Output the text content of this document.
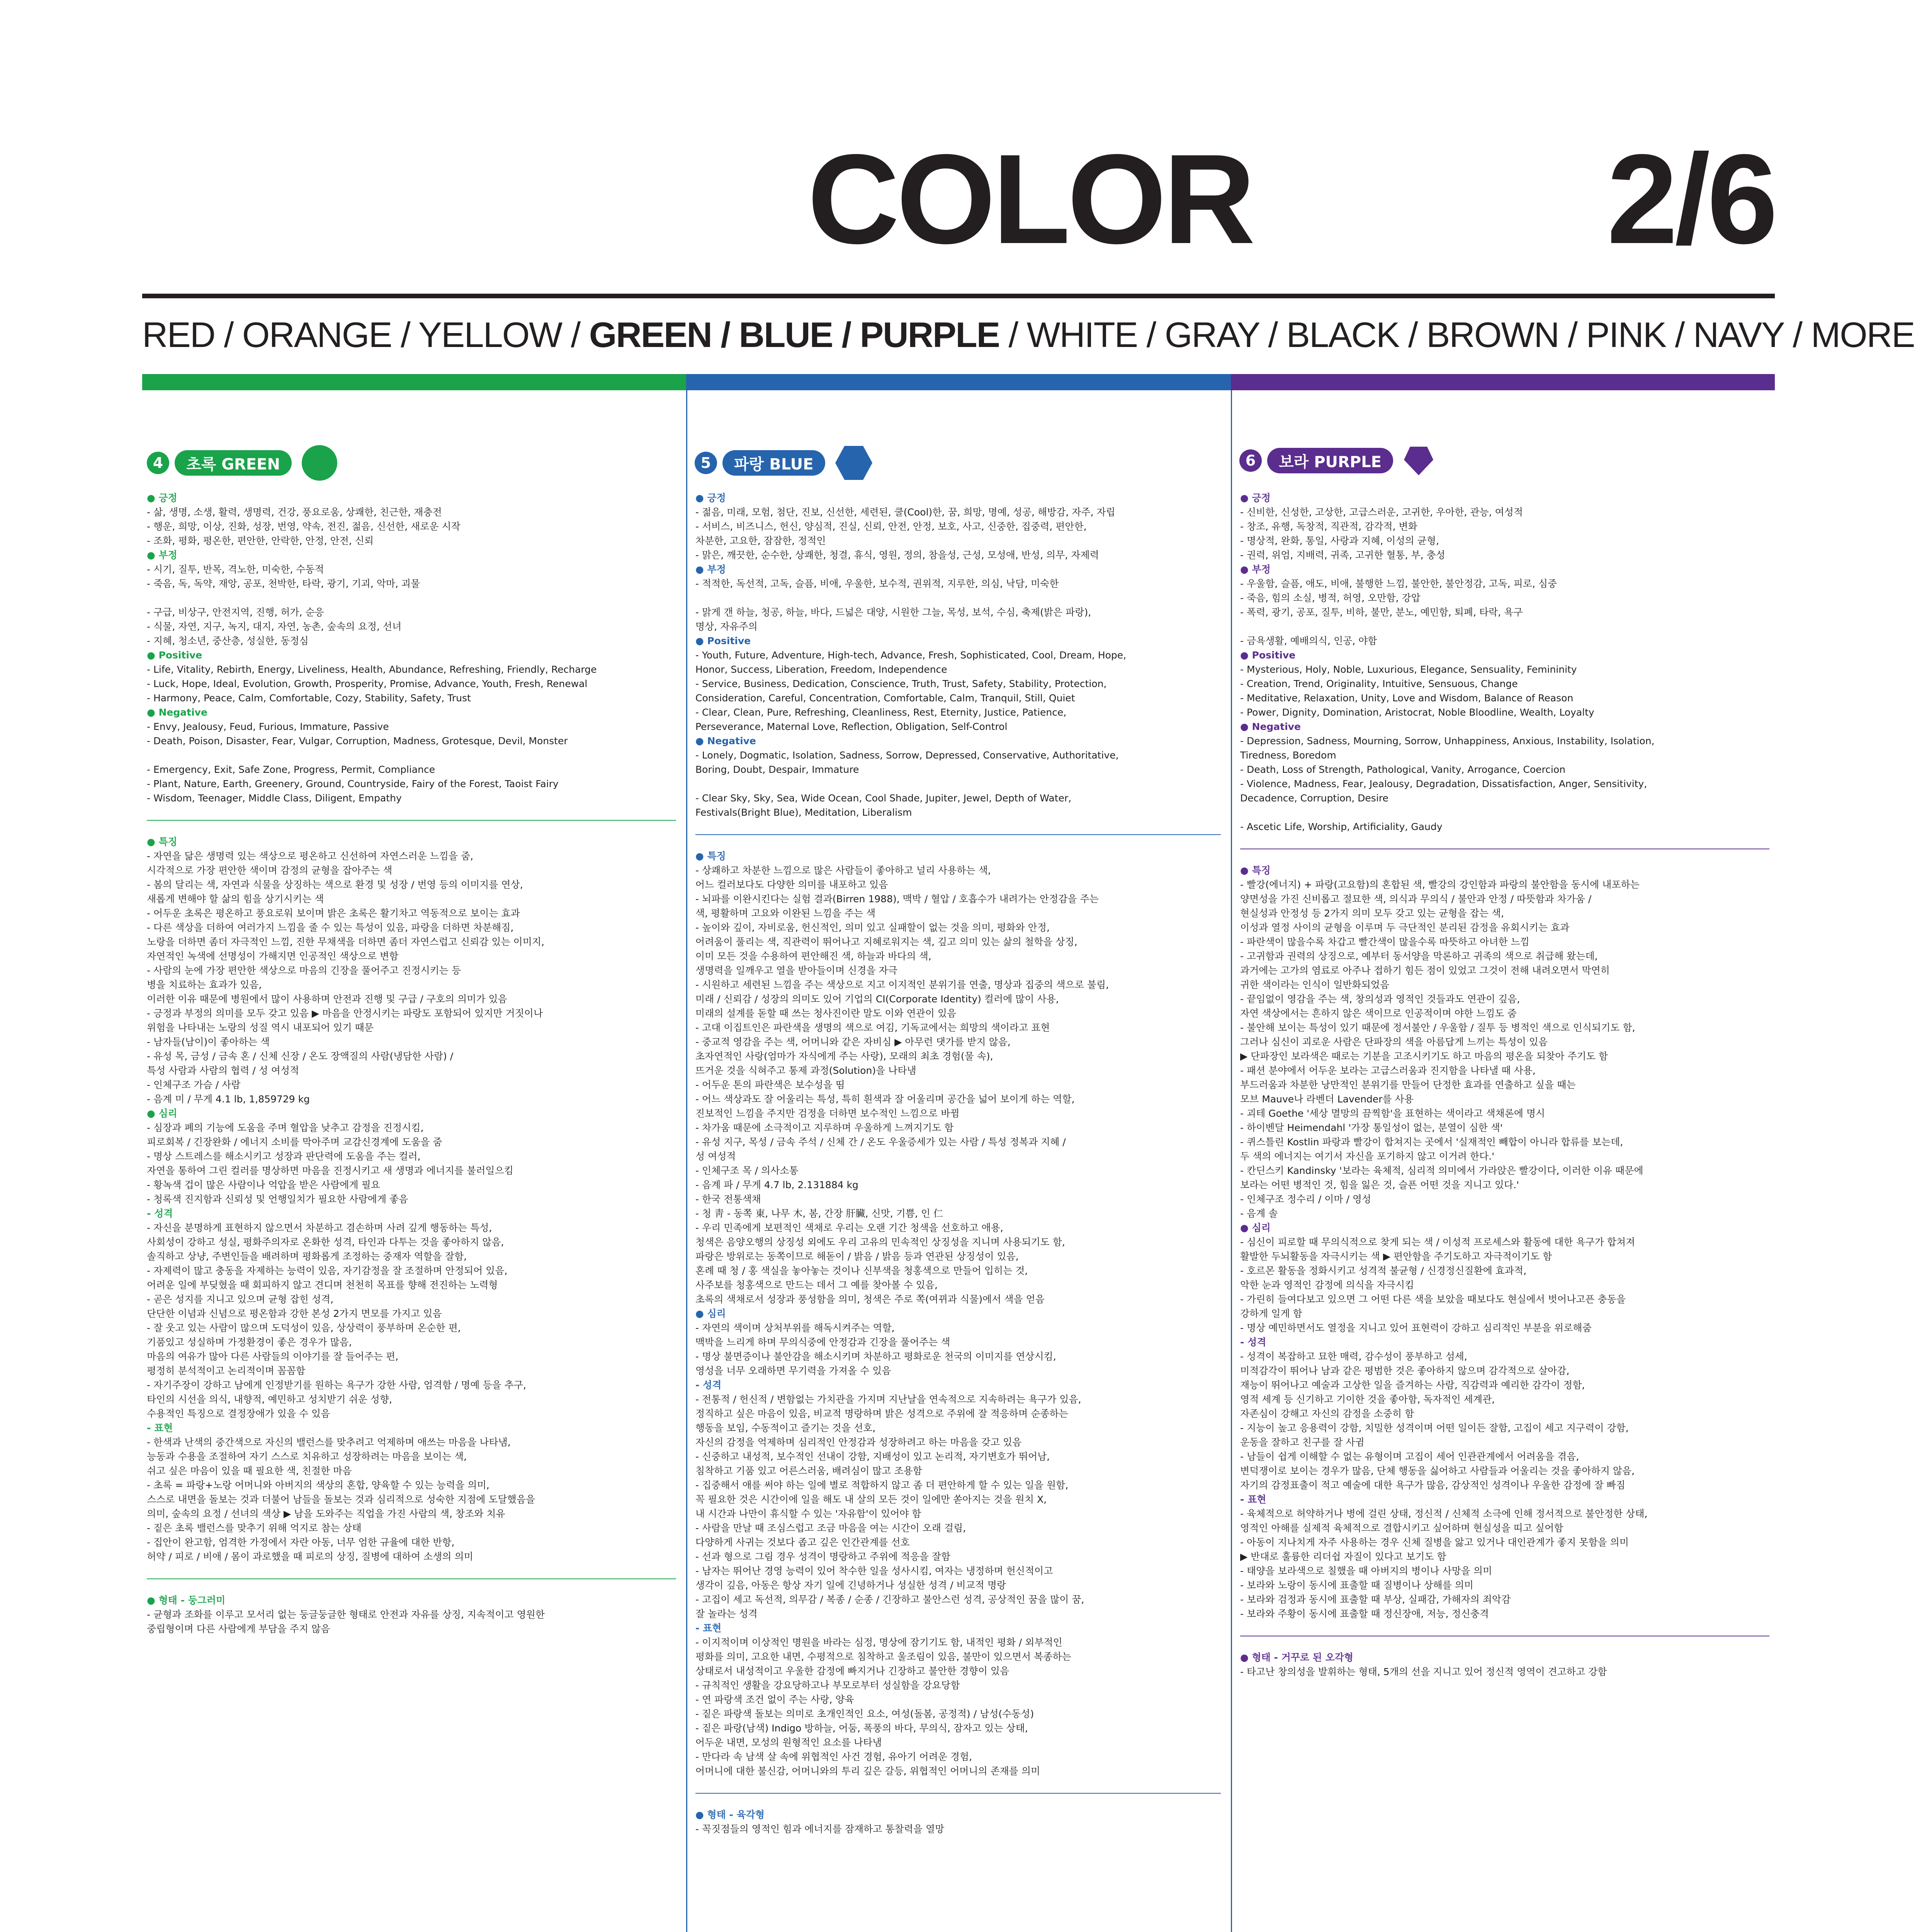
COLOR	2/6
RED / ORANGE / YELLOW / GREEN / BLUE / PURPLE / WHITE / GRAY / BLACK / BROWN / PINK / NAVY / MORE
4	초록 GREEN	5	파랑 BLUE	6	보라 PURPLE
● 긍정
- 삶, 생명, 소생, 활력, 생명력, 건강, 풍요로움, 상쾌한, 친근한, 재충전
- 행운, 희망, 이상, 진화, 성장, 번영, 약속, 전진, 젊음, 신선한, 새로운 시작
- 조화, 평화, 평온한, 편안한, 안락한, 안정, 안전, 신뢰
● 부정
- 시기, 질투, 반목, 격노한, 미숙한, 수동적
- 죽음, 독, 독약, 재앙, 공포, 천박한, 타락, 광기, 기괴, 악마, 괴물
- 구급, 비상구, 안전지역, 진행, 허가, 순응
- 식물, 자연, 지구, 녹지, 대지, 자연, 농촌, 숲속의 요정, 선녀
- 지혜, 청소년, 중산층, 성실한, 동정심
● Positive
- Life, Vitality, Rebirth, Energy, Liveliness, Health, Abundance, Refreshing, Friendly, Recharge
- Luck, Hope, Ideal, Evolution, Growth, Prosperity, Promise, Advance, Youth, Fresh, Renewal
- Harmony, Peace, Calm, Comfortable, Cozy, Stability, Safety, Trust
● Negative
- Envy, Jealousy, Feud, Furious, Immature, Passive
- Death, Poison, Disaster, Fear, Vulgar, Corruption, Madness, Grotesque, Devil, Monster
- Emergency, Exit, Safe Zone, Progress, Permit, Compliance
- Plant, Nature, Earth, Greenery, Ground, Countryside, Fairy of the Forest, Taoist Fairy
- Wisdom, Teenager, Middle Class, Diligent, Empathy
● 특징
- 자연을 닮은 생명력 있는 색상으로 평온하고 신선하여 자연스러운 느낌을 줌,
시각적으로 가장 편안한 색이며 감정의 균형을 잡아주는 색
- 봄의 달리는 색, 자연과 식물을 상징하는 색으로 환경 및 성장 / 번영 등의 이미지를 연상,
새롭게 변해야 할 삶의 힘을 상기시키는 색
- 어두운 초록은 평온하고 풍요로워 보이며 밝은 초록은 활기차고 역동적으로 보이는 효과
- 다른 색상을 더하여 여러가지 느낌을 줄 수 있는 특성이 있음, 파랑을 더하면 차분해짐,
노랑을 더하면 좀더 자극적인 느낌, 진한 무채색을 더하면 좀더 자연스럽고 신뢰감 있는 이미지,
자연적인 녹색에 선명성이 가해지면 인공적인 색상으로 변함
- 사람의 눈에 가장 편안한 색상으로 마음의 긴장을 풀어주고 진정시키는 등
병을 치료하는 효과가 있음,
이러한 이유 때문에 병원에서 많이 사용하며 안전과 진행 및 구급 / 구호의 의미가 있음
- 긍정과 부정의 의미를 모두 갖고 있음 ▶ 마음을 안정시키는 파랑도 포함되어 있지만 거짓이나
위험을 나타내는 노랑의 성질 역시 내포되어 있기 때문
- 남자들(남이)이 좋아하는 색
- 유성 목, 금성 / 금속 혼 / 신체 신장 / 온도 장액질의 사람(냉담한 사람) /
특성 사람과 사람의 협력 / 성 여성적
- 인체구조 가슴 / 사람
- 음계 미 / 무게 4.1 lb, 1,859729 kg
● 심리
- 심장과 폐의 기능에 도움을 주며 혈압을 낮추고 감정을 진정시킴,
피로회복 / 긴장완화 / 에너지 소비를 막아주며 교감신경계에 도움을 줌
- 명상 스트레스를 해소시키고 성장과 판단력에 도움을 주는 컬러,
자연을 통하여 그린 컬러를 명상하면 마음을 진정시키고 새 생명과 에너지를 불러일으킴
- 황녹색 겁이 많은 사람이나 억압을 받은 사람에게 필요
- 청록색 진지함과 신뢰성 및 언행일치가 필요한 사람에게 좋음
- 성격
- 자신을 분명하게 표현하지 않으면서 차분하고 겸손하며 사려 깊게 행동하는 특성,
사회성이 강하고 성실, 평화주의자로 온화한 성격, 타인과 다투는 것을 좋아하지 않음,
솔직하고 상냥, 주변인들을 배려하며 평화롭게 조정하는 중재자 역할을 잘함,
- 자제력이 많고 충동을 자제하는 능력이 있음, 자기감정을 잘 조절하며 안정되어 있음,
어려운 일에 부딪혔을 때 회피하지 않고 견디며 천천히 목표를 향해 전진하는 노력형
- 곧은 성지를 지니고 있으며 균형 잡힌 성격,
단단한 이념과 신념으로 평온함과 강한 본성 2가지 면모를 가지고 있음
- 잘 웃고 있는 사람이 많으며 도덕성이 있음, 상상력이 풍부하며 온순한 편,
기품있고 성실하며 가정환경이 좋은 경우가 많음,
마음의 여유가 많아 다른 사람들의 이야기를 잘 들어주는 편,
평정히 분석적이고 논리적이며 꼼꼼함
- 자기주장이 강하고 남에게 인정받기를 원하는 욕구가 강한 사람, 엄격함 / 명예 등을 추구,
타인의 시선을 의식, 내향적, 예민하고 성치받기 쉬운 성향,
수용적인 특징으로 결정장애가 있을 수 있음
- 표현
- 한색과 난색의 중간색으로 자신의 밸런스를 맞추려고 억제하며 애쓰는 마음을 나타냄,
능동과 수용을 조절하여 자기 스스로 치유하고 성장하려는 마음을 보이는 색,
쉬고 싶은 마음이 있을 때 필요한 색, 친절한 마음
- 초록 = 파랑+노랑 어머니와 아버지의 색상의 혼합, 양육할 수 있는 능력을 의미,
스스로 내면을 돌보는 것과 더불어 남들을 돌보는 것과 심리적으로 성숙한 지점에 도달했음을
의미, 숲속의 요정 / 선녀의 색상 ▶ 남을 도와주는 직업을 가진 사람의 색, 창조와 치유
- 짙은 초록 밸런스를 맞추기 위해 억지로 참는 상태
- 집안이 완고함, 엄격한 가정에서 자란 아동, 너무 엄한 규율에 대한 반항,
허약 / 피로 / 비애 / 몸이 과로했을 때 피로의 상징, 질병에 대하여 소생의 의미
● 형태 - 둥그러미
- 균형과 조화를 이루고 모서리 없는 둥글둥글한 형태로 안전과 자유를 상징, 지속적이고 영원한
중립형이며 다른 사람에게 부담을 주지 않음
● 긍정
- 젊음, 미래, 모험, 첨단, 진보, 신선한, 세련된, 쿨(Cool)한, 꿈, 희망, 명예, 성공, 해방감, 자주, 자립
- 서비스, 비즈니스, 헌신, 양심적, 진실, 신뢰, 안전, 안정, 보호, 사고, 신중한, 집중력, 편안한,
차분한, 고요한, 잠잠한, 정적인
- 맑은, 깨끗한, 순수한, 상쾌한, 청결, 휴식, 영원, 정의, 참을성, 근성, 모성애, 반성, 의무, 자제력
● 부정
- 적적한, 독선적, 고독, 슬픔, 비애, 우울한, 보수적, 권위적, 지루한, 의심, 낙담, 미숙한
- 맑게 갠 하늘, 청공, 하늘, 바다, 드넓은 대양, 시원한 그늘, 목성, 보석, 수심, 축제(밝은 파랑),
명상, 자유주의
● Positive
- Youth, Future, Adventure, High-tech, Advance, Fresh, Sophisticated, Cool, Dream, Hope,
Honor, Success, Liberation, Freedom, Independence
- Service, Business, Dedication, Conscience, Truth, Trust, Safety, Stability, Protection,
Consideration, Careful, Concentration, Comfortable, Calm, Tranquil, Still, Quiet
- Clear, Clean, Pure, Refreshing, Cleanliness, Rest, Eternity, Justice, Patience,
Perseverance, Maternal Love, Reflection, Obligation, Self-Control
● Negative
- Lonely, Dogmatic, Isolation, Sadness, Sorrow, Depressed, Conservative, Authoritative,
Boring, Doubt, Despair, Immature
- Clear Sky, Sky, Sea, Wide Ocean, Cool Shade, Jupiter, Jewel, Depth of Water,
Festivals(Bright Blue), Meditation, Liberalism
● 특징
- 상쾌하고 차분한 느낌으로 많은 사람들이 좋아하고 널리 사용하는 색,
어느 컬러보다도 다양한 의미를 내포하고 있음
- 뇌파를 이완시킨다는 실험 결과(Birren 1988), 맥박 / 혈압 / 호흡수가 내려가는 안정감을 주는
색, 평활하며 고요와 이완된 느낌을 주는 색
- 높이와 깊이, 자비로움, 헌신적인, 의미 있고 실패할이 없는 것을 의미, 평화와 안정,
어려움이 풀리는 색, 직관력이 뛰어나고 지혜로워지는 색, 깊고 의미 있는 삶의 철학을 상징,
이미 모든 것을 수용하여 편안해진 색, 하늘과 바다의 색,
생명력을 일깨우고 열을 받아들이며 신경을 자극
- 시원하고 세련된 느낌을 주는 색상으로 지고 이지적인 분위기를 연출, 명상과 집중의 색으로 불림,
미래 / 신뢰감 / 성장의 의미도 있어 기업의 CI(Corporate Identity) 컬러에 많이 사용,
미래의 설계를 돋할 때 쓰는 청사진이란 말도 이와 연관이 있음
- 고대 이집트인은 파란색을 생명의 색으로 여김, 기독교에서는 희망의 색이라고 표현
- 중교적 영감을 주는 색, 어머니와 같은 자비심 ▶ 아무런 댓가를 받지 않음,
초자연적인 사랑(엄마가 자식에게 주는 사랑), 모래의 최초 경험(물 속),
뜨거운 것을 식혀주고 통제 과정(Solution)을 나타냄
- 어두운 톤의 파란색은 보수성을 띰
- 어느 색상과도 잘 어울리는 특성, 특히 흰색과 잘 어울리며 공간을 넓어 보이게 하는 역할,
진보적인 느낌을 주지만 검정을 더하면 보수적인 느낌으로 바뀜
- 차가움 때문에 소극적이고 지루하며 우울하게 느껴지기도 함
- 유성 지구, 목성 / 금속 주석 / 신체 간 / 온도 우울증세가 있는 사람 / 특성 정복과 지혜 /
성 여성적
- 인체구조 목 / 의사소통
- 음계 파 / 무게 4.7 lb, 2.131884 kg
- 한국 전통색채
- 청 靑 - 동쪽 東, 나무 木, 봄, 간장 肝臟, 신맛, 기쁨, 인 仁
- 우리 민족에게 보편적인 색채로 우리는 오랜 기간 청색을 선호하고 애용,
청색은 음양오행의 상징성 외에도 우리 고유의 민속적인 상징성을 지니며 사용되기도 함,
파랑은 방위로는 동쪽이므로 해돋이 / 밝음 / 밝음 등과 연관된 상징성이 있음,
혼례 때 청 / 홍 색실을 놓아놓는 것이나 신부색을 청홍색으로 만들어 입히는 것,
사주보를 청홍색으로 만드는 데서 그 예를 찾아볼 수 있음,
초록의 색채로서 성장과 풍성함을 의미, 청색은 주로 쪽(여뀌과 식물)에서 색을 얻음
● 심리
- 자연의 색이며 상처부위를 해독시켜주는 역할,
맥박을 느리게 하며 무의식중에 안정감과 긴장을 풀어주는 색
- 명상 불면증이나 불안감을 해소시키며 차분하고 평화로운 천국의 이미지를 연상시킴,
영성을 너무 오래하면 무기력을 가져올 수 있음
- 성격
- 전통적 / 헌신적 / 변함없는 가치관을 가지며 지난날을 연속적으로 지속하려는 욕구가 있음,
정직하고 싶은 마음이 있음, 비교적 명랑하며 밝은 성격으로 주위에 잘 적응하며 순종하는
행동을 보임, 수동적이고 즐기는 것을 선호,
자신의 감정을 억제하며 심리적인 안정감과 성장하려고 하는 마음을 갖고 있음
- 신중하고 내성적, 보수적인 선내이 강함, 지배성이 있고 논리적, 자기변호가 뛰어남,
침착하고 기품 있고 어른스러움, 배려심이 많고 조용함
- 집중해서 애를 써야 하는 일에 별로 적합하지 않고 좀 더 편안하게 할 수 있는 일을 원함,
꼭 필요한 것은 시간이에 일을 해도 내 살의 모든 것이 일에만 쏟아지는 것을 원치 X,
내 시간과 나만이 휴식할 수 있는 '자유함'이 있어야 함
- 사람을 만날 때 조심스럽고 조금 마음을 여는 시간이 오래 걸림,
다양하게 사귀는 것보다 좁고 깊은 인간관계를 선호
- 선과 형으로 그림 경우 성격이 명랑하고 주위에 적응을 잘함
- 남자는 뛰어난 경영 능력이 있어 착수한 일을 성사시킴, 여자는 냉정하며 헌신적이고
생각이 깊음, 아동은 항상 자기 일에 긴녕하거나 성실한 성격 / 비교적 명랑
- 고집이 세고 독선적, 의무감 / 복종 / 순종 / 긴장하고 불안스런 성격, 공상적인 꿈을 많이 꿈,
잘 놀라는 성격
- 표현
- 이지적이며 이상적인 명원을 바라는 심정, 명상에 잠기기도 함, 내적인 평화 / 외부적인
평화를 의미, 고요한 내면, 수평적으로 침착하고 울조림이 있음, 불만이 있으면서 복종하는
상태로서 내성적이고 우울한 감정에 빠지거나 긴장하고 불안한 경향이 있음
- 규칙적인 생활을 강요당하고나 부모로부터 성실함을 강요당함
- 연 파랑색 조건 없이 주는 사랑, 양육
- 짙은 파랑색 돌보는 의미로 초개인적인 요소, 여성(돌봄, 공정적) / 남성(수동성)
- 짙은 파랑(남색) Indigo 방하늘, 어둠, 폭풍의 바다, 무의식, 잠자고 있는 상태,
어두운 내면, 모성의 원형적인 요소를 나타냄
- 만다라 속 남색 살 속에 위협적인 사건 경험, 유아기 어려운 경험,
어머니에 대한 불신감, 어머니와의 투리 깊은 갈등, 위협적인 어머니의 존재를 의미
● 형태 - 육각형
- 꼭짓점들의 영적인 힘과 에너지를 잠재하고 통찰력을 열망
● 긍정
- 신비한, 신성한, 고상한, 고급스러운, 고귀한, 우아한, 관능, 여성적
- 창조, 유행, 독창적, 직관적, 감각적, 변화
- 명상적, 완화, 통일, 사랑과 지혜, 이성의 균형,
- 권력, 위엄, 지배력, 귀족, 고귀한 혈통, 부, 충성
● 부정
- 우울함, 슬픔, 애도, 비애, 불행한 느낌, 불안한, 불안정감, 고독, 피로, 심중
- 죽음, 힘의 소실, 병적, 허영, 오만함, 강압
- 폭력, 광기, 공포, 질투, 비하, 불만, 분노, 예민함, 퇴폐, 타락, 욕구
- 금욕생활, 예배의식, 인공, 야함
● Positive
- Mysterious, Holy, Noble, Luxurious, Elegance, Sensuality, Femininity
- Creation, Trend, Originality, Intuitive, Sensuous, Change
- Meditative, Relaxation, Unity, Love and Wisdom, Balance of Reason
- Power, Dignity, Domination, Aristocrat, Noble Bloodline, Wealth, Loyalty
● Negative
- Depression, Sadness, Mourning, Sorrow, Unhappiness, Anxious, Instability, Isolation,
Tiredness, Boredom
- Death, Loss of Strength, Pathological, Vanity, Arrogance, Coercion
- Violence, Madness, Fear, Jealousy, Degradation, Dissatisfaction, Anger, Sensitivity,
Decadence, Corruption, Desire
- Ascetic Life, Worship, Artificiality, Gaudy
● 특징
- 빨강(에너지) + 파랑(고요함)의 혼합된 색, 빨강의 강인함과 파랑의 불안함을 동시에 내포하는
양면성을 가진 신비롭고 절묘한 색, 의식과 무의식 / 불안과 안정 / 따뜻함과 차가움 /
현실성과 안정성 등 2가지 의미 모두 갖고 있는 균형을 잡는 색,
이성과 열정 사이의 균형을 이루며 두 극단적인 분리된 감정을 유회시키는 효과
- 파란색이 많을수록 차갑고 빨간색이 많을수록 따뜻하고 아녀한 느낌
- 고귀함과 권력의 상징으로, 예부터 동서양을 막론하고 귀족의 색으로 취급해 왔는데,
과거에는 고가의 염료로 아주나 접하기 힘든 점이 있었고 그것이 전해 내려오면서 막연히
귀한 색이라는 인식이 일반화되었음
- 끝임없이 영감을 주는 색, 창의성과 영적인 것들과도 연관이 깊음,
자연 색상에서는 흔하지 않은 색이므로 인공적이며 야한 느낌도 줌
- 불안해 보이는 특성이 있기 때문에 정서불안 / 우울함 / 질투 등 병적인 색으로 인식되기도 함,
그러나 심신이 괴로운 사람은 단파장의 색을 아름답게 느끼는 특성이 있음
▶ 단파장인 보라색은 때로는 기분을 고조시키기도 하고 마음의 평온을 되찾아 주기도 함
- 패션 분야에서 어두운 보라는 고급스러움과 진지함을 나타낼 때 사용,
부드러움과 차분한 낭만적인 분위기를 만들어 단정한 효과를 연출하고 싶을 때는
모브 Mauve나 라벤더 Lavender를 사용
- 괴테 Goethe '세상 멸망의 끔찍함'을 표현하는 색이라고 색채론에 명시
- 하이벤달 Heimendahl '가장 통일성이 없는, 분열이 심한 색'
- 퀴스틀린 Kostlin 파랑과 빨강이 합쳐지는 곳에서 '실재적인 빼합이 아니라 합류를 보는데,
두 색의 에너지는 여기서 자신을 포기하지 않고 이거려 한다.'
- 칸딘스키 Kandinsky '보라는 육체적, 심리적 의미에서 가라앉은 빨강이다, 이러한 이유 때문에
보라는 어떤 병적인 것, 힘을 잃은 것, 슬픈 어떤 것을 지니고 있다.'
- 인체구조 정수리 / 이마 / 영성
- 음계 솔
● 심리
- 심신이 피로할 때 무의식적으로 찾게 되는 색 / 이성적 프로세스와 활동에 대한 욕구가 합쳐져
활발한 두뇌활동을 자극시키는 색 ▶ 편안함을 주기도하고 자극적이기도 함
- 호르몬 활동을 정화시키고 성격적 불균형 / 신경정신질환에 효과적,
악한 눈과 영적인 감정에 의식을 자극시킴
- 가린히 들여다보고 있으면 그 어떤 다른 색을 보았을 때보다도 현실에서 벗어나고픈 충동을
강하게 일게 함
- 명상 예민하면서도 열정을 지니고 있어 표현력이 강하고 심리적인 부분을 위로해줌
- 성격
- 성격이 복잡하고 묘한 매력, 감수성이 풍부하고 섬세,
미적감각이 뛰어나 남과 같은 평범한 것은 좋아하지 않으며 감각적으로 살아감,
재능이 뛰어나고 예술과 고상한 일을 즐겨하는 사람, 직감력과 예리한 감각이 정함,
영적 세계 등 신기하고 기이한 것을 좋아함, 독자적인 세계관,
자존심이 강해고 자신의 감정을 소중히 함
- 지능이 높고 응용력이 강함, 치밀한 성격이며 어떤 일이든 잘함, 고집이 세고 지구력이 강함,
운동을 잘하고 친구를 잘 사귐
- 남들이 쉽게 이해할 수 없는 유형이며 고집이 세어 인관관계에서 어려움을 겪음,
변덕쟁이로 보이는 경우가 많음, 단체 행동을 싫어하고 사람들과 어울리는 것을 좋아하지 않음,
자기의 감정표출이 적고 예술에 대한 욕구가 많음, 감상적인 성격이나 우울한 감정에 잘 빠짐
- 표현
- 육체적으로 허약하거나 병에 걸린 상태, 정신적 / 신체적 소극에 인해 정서적으로 불안정한 상태,
영적인 아해를 실제적 육체적으로 결합시키고 싶어하며 현실성을 띠고 싶어함
- 아동이 지나치게 자주 사용하는 경우 신체 질병을 앓고 있거나 대인관계가 좋지 못함을 의미
▶ 반대로 훌륭한 리더쉽 자질이 있다고 보기도 함
- 태양을 보라색으로 칠했을 때 아버지의 병이나 사망을 의미
- 보라와 노랑이 동시에 표출할 때 질병이나 상해를 의미
- 보라와 검정과 동시에 표출할 때 부상, 실패감, 가해자의 죄악감
- 보라와 주황이 동시에 표출할 때 정신장애, 저능, 정신충격
● 형태 - 거꾸로 된 오각형
- 타고난 창의성을 발휘하는 형태, 5개의 선을 지니고 있어 정신적 영역이 견고하고 강함
